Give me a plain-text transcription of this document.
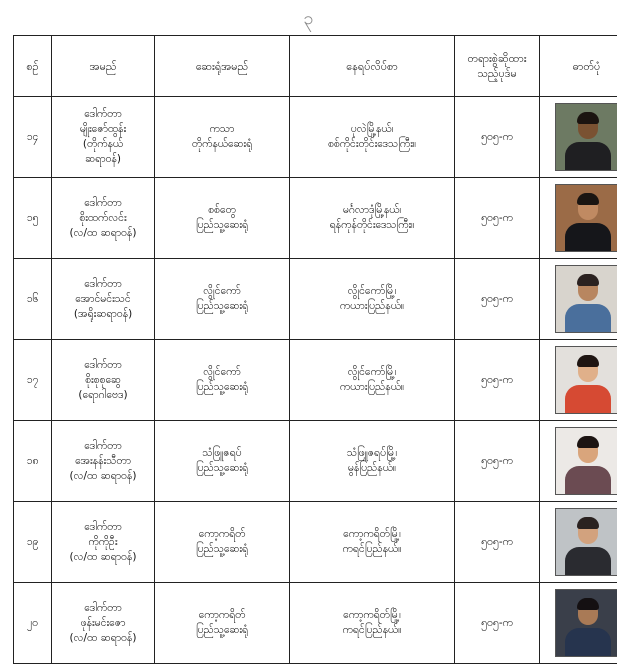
၃
စဉ်	အမည်	ဆေးရုံအမည်	နေရပ်လိပ်စာ	တရားစွဲဆိုထား
သည့်ပုဒ်မ	ဓာတ်ပုံ
၁၄	ဒေါက်တာ
မျိုးဇော်ထွန်း
(တိုက်နယ်
ဆရာဝန်)	ကသာ
တိုက်နယ်ဆေးရုံ	ပုလဲမြို့နယ်၊
စစ်ကိုင်းတိုင်းဒေသကြီး။	၅၀၅-က	

၁၅	ဒေါက်တာ
စိုးထက်လင်း
(လ/ထ ဆရာဝန်)	စစ်တွေ
ပြည်သူ့ဆေးရုံ	မင်္ဂလာဒုံမြို့နယ်၊
ရန်ကုန်တိုင်းဒေသကြီး။	၅၀၅-က	

၁၆	ဒေါက်တာ
အောင်မင်းသင်
(အရိုးဆရာဝန်)	လွိုင်ကော်
ပြည်သူ့ဆေးရုံ	လွိုင်ကော်မြို့၊
ကယားပြည်နယ်။	၅၀၅-က	

၁၇	ဒေါက်တာ
စိုးစုစုဆွေ
(ရောဂါဗေဒ)	လွိုင်ကော်
ပြည်သူ့ဆေးရုံ	လွိုင်ကော်မြို့၊
ကယားပြည်နယ်။	၅၀၅-က	

၁၈	ဒေါက်တာ
အေးနန်းသီတာ
(လ/ထ ဆရာဝန်)	သံဖြူဇရပ်
ပြည်သူ့ဆေးရုံ	သံဖြူဇရပ်မြို့၊
မွန်ပြည်နယ်။	၅၀၅-က	

၁၉	ဒေါက်တာ
ကိုကိုဦး
(လ/ထ ဆရာဝန်)	ကော့ကရိတ်
ပြည်သူ့ဆေးရုံ	ကော့ကရိတ်မြို့၊
ကရင်ပြည်နယ်။	၅၀၅-က	

၂၀	ဒေါက်တာ
ဖုန်းမင်းဇော
(လ/ထ ဆရာဝန်)	ကော့ကရိတ်
ပြည်သူ့ဆေးရုံ	ကော့ကရိတ်မြို့၊
ကရင်ပြည်နယ်။	၅၀၅-က	
